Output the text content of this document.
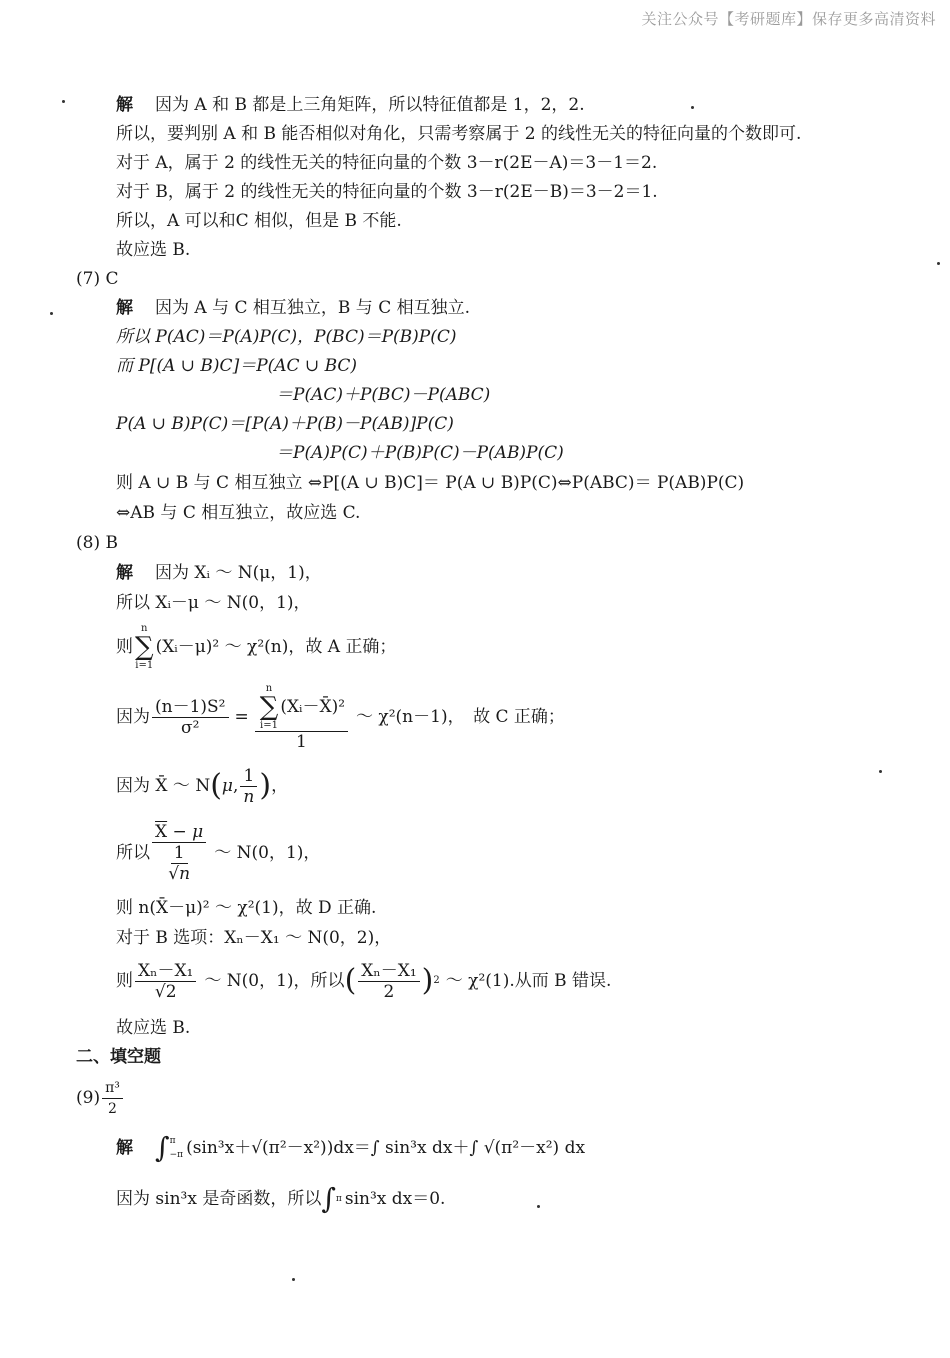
关注公众号【考研题库】保存更多高清资料
解 因为 A 和 B 都是上三角矩阵，所以特征值都是 1，2，2.
所以，要判别 A 和 B 能否相似对角化，只需考察属于 2 的线性无关的特征向量的个数即可.
对于 A，属于 2 的线性无关的特征向量的个数 3－r(2E－A)＝3－1＝2.
对于 B，属于 2 的线性无关的特征向量的个数 3－r(2E－B)＝3－2＝1.
所以，A 可以和C 相似，但是 B 不能.
故应选 B.
(7) C
解 因为 A 与 C 相互独立，B 与 C 相互独立.
所以 P(AC)＝P(A)P(C)，P(BC)＝P(B)P(C)
而 P[(A ∪ B)C]＝P(AC ∪ BC)
＝P(AC)＋P(BC)－P(ABC)
P(A ∪ B)P(C)＝[P(A)＋P(B)－P(AB)]P(C)
＝P(A)P(C)＋P(B)P(C)－P(AB)P(C)
则 A ∪ B 与 C 相互独立 ⇔P[(A ∪ B)C]＝ P(A ∪ B)P(C)⇔P(ABC)＝ P(AB)P(C)
⇔AB 与 C 相互独立，故应选 C.
(8) B
解 因为 Xᵢ ～ N(μ，1)，
所以 Xᵢ－μ ～ N(0，1)，
则
n
∑
i=1
(Xᵢ－μ)² ～ χ²(n)，故 A 正确；
因为 $\frac{\text{(n－1)S²}}{\text{σ²}} = n$
∑
i=1
(Xᵢ－X̄)²
1 ～ χ²(n－1)，　故 C 正确；
因为 X̄ ～ N ( μ , $\frac{1}{n}$ ) ，
所以 $\overline{X} - \mu$
1
√n ～ N(0，1)，
则 n(X̄－μ)² ～ χ²(1)，故 D 正确.
对于 B 选项：Xₙ－X₁ ～ N(0，2)，
则 $\frac{\text{Xₙ－X₁}}{√2}$ ～ N(0，1)，所以 ( $\frac{\text{Xₙ－X₁}}{2}$ ) 2 ～ χ²(1).从而 B 错误.
故应选 B.
二、填空题
$(9) \frac{\text{π³}}{2}$
解 ∫ π
−π (sin³x＋√(π²－x²))dx＝∫ sin³x dx＋∫ √(π²－x²) dx
因为 sin³x 是奇函数，所以 ∫ π sin³x dx＝0.
